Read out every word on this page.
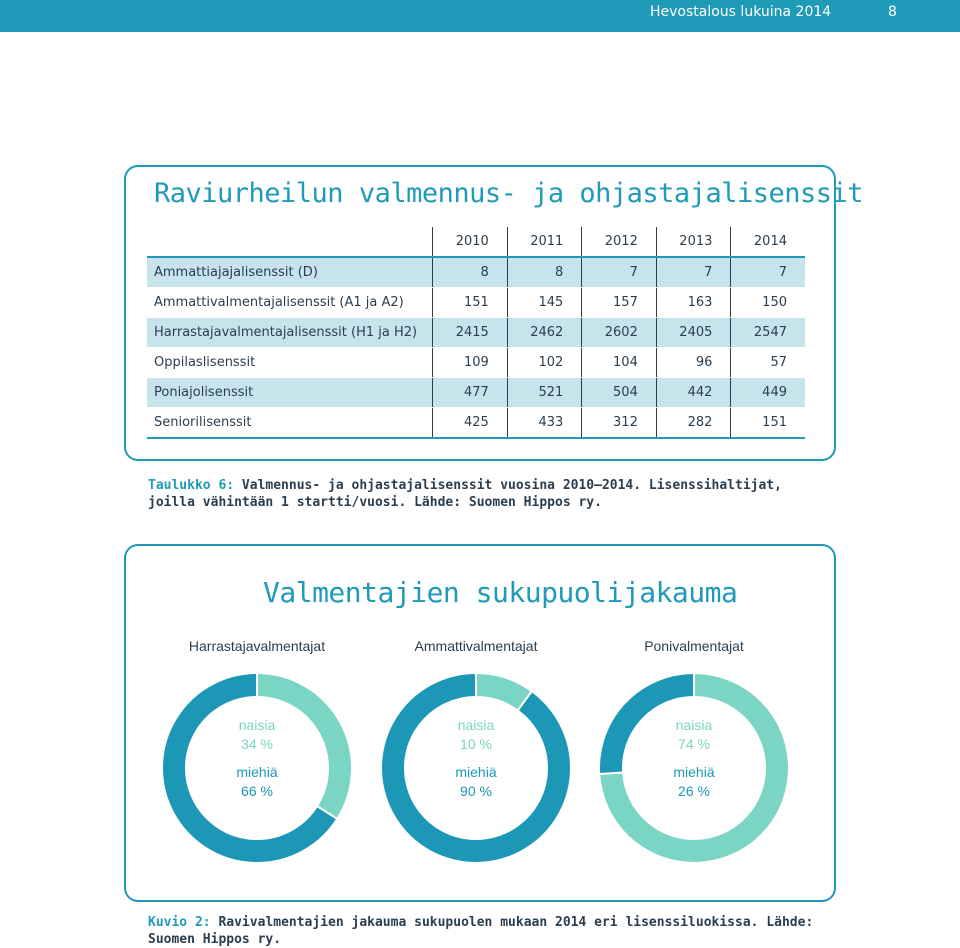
Hevostalous lukuina 2014	8
Raviurheilun valmennus- ja ohjastajalisenssit
	2010	2011	2012	2013	2014
Ammattiajajalisenssit (D)	8	8	7	7	7
Ammattivalmentajalisenssit (A1 ja A2)	151	145	157	163	150
Harrastajavalmentajalisenssit (H1 ja H2)	2415	2462	2602	2405	2547
Oppilaslisenssit	109	102	104	96	57
Poniajolisenssit	477	521	504	442	449
Seniorilisenssit	425	433	312	282	151
Taulukko 6: Valmennus- ja ohjastajalisenssit vuosina 2010–2014. Lisenssihaltijat, joilla vähintään 1 startti/vuosi. Lähde: Suomen Hippos ry.
Valmentajien sukupuolijakauma
Harrastajavalmentajat	Ammattivalmentajat	Ponivalmentajat
naisia
34 %
miehiä
66 %
naisia
10 %
miehiä
90 %
naisia
74 %
miehiä
26 %
Kuvio 2: Ravivalmentajien jakauma sukupuolen mukaan 2014 eri lisenssiluokissa. Lähde: Suomen Hippos ry.
